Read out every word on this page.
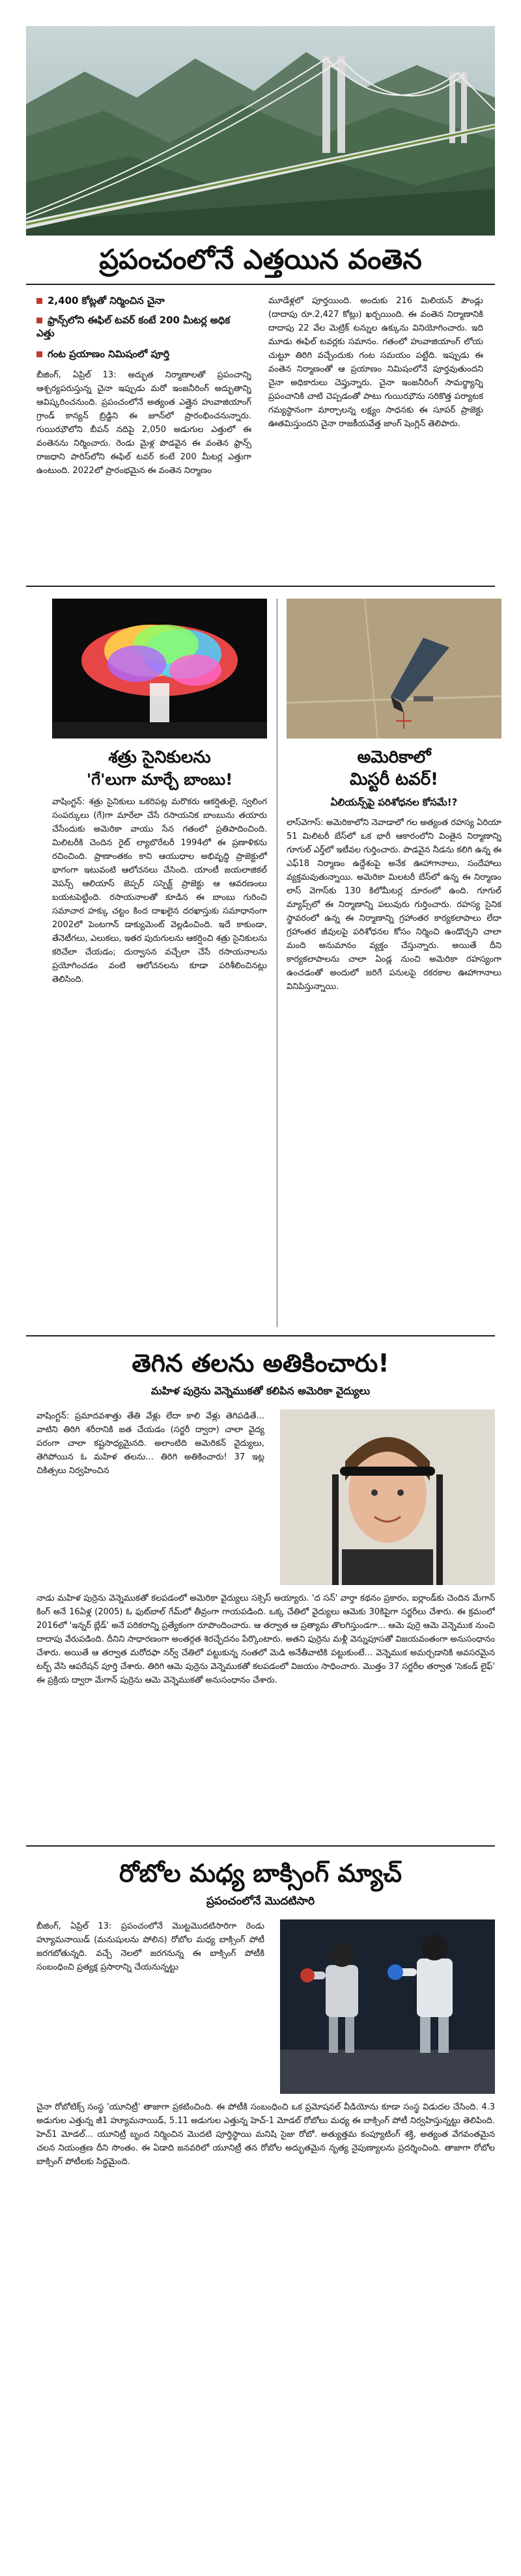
ప్రపంచంలోనే ఎత్తయిన వంతెన
2,400 కోట్లతో నిర్మించిన చైనా
ఫ్రాన్స్‌లోని ఈఫిల్ టవర్ కంటే 200 మీటర్ల అధిక ఎత్తు
గంట ప్రయాణం నిమిషంలో పూర్తి
బీజింగ్, ఏప్రిల్ 13: అద్భుత నిర్మాణాలతో ప్రపంచాన్ని ఆశ్చర్యపరుస్తున్న చైనా ఇప్పుడు మరో ఇంజనీరింగ్ అద్భుతాన్ని ఆవిష్కరించనుంది. ప్రపంచంలోనే అత్యంత ఎత్తైన హువాజియాంగ్ గ్రాండ్ కాన్యన్ బ్రిడ్జిని ఈ జూన్‌లో ప్రారంభించనున్నారు. గుయిఝౌ‌లోని బీపన్ నదిపై 2,050 అడుగుల ఎత్తులో ఈ వంతెనను నిర్మించారు. రెండు మైళ్ల పొడవైన ఈ వంతెన ఫ్రాన్స్ రాజధాని పారిస్‌లోని ఈఫిల్ టవర్ కంటే 200 మీటర్ల ఎత్తుగా ఉంటుంది. 2022లో ప్రారంభమైన ఈ వంతెన నిర్మాణం
మూడేళ్లలో పూర్తయింది. అందుకు 216 మిలియన్ పౌండ్లు (దాదాపు రూ.2,427 కోట్లు) ఖర్చయింది. ఈ వంతెన నిర్మాణానికి దాదాపు 22 వేల మెట్రిక్ టన్నుల ఉక్కును వినియోగించారు. ఇది మూడు ఈఫిల్ టవర్లకు సమానం. గతంలో హువాజియాంగ్ లోయ చుట్టూ తిరిగి వచ్చేందుకు గంట సమయం పట్టేది. ఇప్పుడు ఈ వంతెన నిర్మాణంతో ఆ ప్రయాణం నిమిషంలోనే పూర్తవుతుందని చైనా అధికారులు చెప్తున్నారు. చైనా ఇంజనీరింగ్ సామర్థ్యాన్ని ప్రపంచానికి చాటి చెప్పడంతో పాటు గుయిఝౌను సరికొత్త పర్యాటక గమ్యస్థానంగా మార్చాలన్న లక్ష్యం సాధనకు ఈ సూపర్ ప్రాజెక్టు ఊతమిస్తుందని చైనా రాజకీయవేత్త జాంగ్ షెంగ్లిన్ తెలిపారు.
శత్రు సైనికులను
'గే'లుగా మార్చే బాంబు!
వాషింగ్టన్: శత్రు సైనికులు ఒకరిపట్ల మరొకరు ఆకర్షితులై, స్వలింగ సంపర్కులు (గే)గా మారేలా చేసే రసాయనిక బాంబును తయారు చేసేందుకు అమెరికా వాయు సేన గతంలో ప్రతిపాదించింది. మిలిటరీకి చెందిన రైట్ ల్యాబొరేటరీ 1994లో ఈ ప్రణాళికను రచించింది. ప్రాణాంతకం కాని ఆయుధాల అభివృద్ధి ప్రాజెక్టులో భాగంగా ఇటువంటి ఆలోచనలు చేసింది. యాంటీ జయలాజికల్ వెపన్స్ ఆలియాస్ జెప్పర్ సస్పెక్ట్ ప్రాజెక్టు ఆ ఆవరణంలు బయటపెట్టింది. రసాయనాలతో కూడిన ఈ బాంబు గురించి సమాచార హక్కు చట్టం కింద దాఖలైన దరఖాస్తుకు సమాధానంగా 2002లో పెంటగాన్ డాక్యుమెంట్ వెల్లడించింది. ఇదే కాకుండా, తేనెటీగలు, ఎలుకలు, ఇతర పురుగులను ఆకర్షించి శత్రు సైనికులను కరిచేలా చేయడం; దుర్వాసన వచ్చేలా చేసే రసాయనాలను ప్రయోగించడం వంటి ఆలోచనలను కూడా పరిశీలించినట్లు తెలిసింది.
అమెరికాలో
మిస్టరీ టవర్!
ఏలియన్స్‌పై పరిశోధనల కోసమే!?
లాస్‌వెగాస్: అమెరికాలోని నెవాడాలో గల అత్యంత రహస్య ఏరియా 51 మిలిటరీ బేస్‌లో ఒక భారీ ఆకారంలోని వింతైన నిర్మాణాన్ని గూగుల్ ఎర్త్‌లో ఇటీవల గుర్తించారు. పొడవైన నీడను కలిగి ఉన్న ఈ ఎఫ్18 నిర్మాణం ఉద్దేశంపై అనేక ఊహాగానాలు, సందేహాలు వ్యక్తమవుతున్నాయి. అమెరికా మిలటరీ బేస్‌లో ఉన్న ఈ నిర్మాణం లాస్ వెగాస్‌కు 130 కిలోమీటర్ల దూరంలో ఉంది. గూగుల్ మ్యాప్స్‌లో ఈ నిర్మాణాన్ని పలువురు గుర్తించారు. రహస్య సైనిక స్థావరంలో ఉన్న ఈ నిర్మాణాన్ని గ్రహాంతర కార్యకలాపాలు లేదా గ్రహాంతర జీవులపై పరిశోధనల కోసం నిర్మించి ఉండొచ్చని చాలా మంది అనుమానం వ్యక్తం చేస్తున్నారు. అయితే దీని కార్యకలాపాలను చాలా ఏండ్ల నుంచి అమెరికా రహస్యంగా ఉంచడంతో అందులో జరిగే పనులపై రకరకాల ఊహాగానాలు వినిపిస్తున్నాయి.
తెగిన తలను అతికించారు!
మహిళ పుర్రెను వెన్నెముకతో కలిపిన అమెరికా వైద్యులు
వాషింగ్టన్: ప్రమాదవశాత్తు తేతి వేళ్లు లేదా కాలి వేళ్లు తెగిపడితే... వాటిని తిరిగి శరీరానికి జత చేయడం (సర్జరీ ద్వారా) చాలా వైద్య పరంగా చాలా కష్టసాధ్యమైనది. అలాంటిది అమెరికన్ వైద్యులు, తెగిపోయిన ఓ మహిళ తలను... తిరిగి అతికించారు! 37 ఇట్ల చికిత్సలు నిర్వహించిన
నాడు మహిళ పుర్రెను వెన్నెముకతో కలపడంలో అమెరికా వైద్యులు సక్సెస్ అయ్యారు. 'ద సన్' వార్తా కథనం ప్రకారం, ఐర్లాండ్‌కు చెందిన మేగాన్ కింగ్ అనే 16ఏళ్ల (2005) ఓ ఫుట్‌బాల్ గేమ్‌లో తీవ్రంగా గాయపడింది. ఒక్క చేతిలో వైద్యులు ఆమెకు 30కిపైగా సర్జరీలు చేశారు. ఈ క్రమంలో 2016లో 'ఇన్నర్‌ బ్లేడ్' అనే పరికరాన్ని ప్రత్యేకంగా రూపొందించారు. ఆ తర్వాత ఆ ప్రత్యామ తొలగిస్తుండగా... ఆమె పుర్రె ఆమె వెన్నెముక నుంచి దాదాపు వేరుపడింది. దీనిని సాధారణంగా అంతర్గత శిరచ్ఛేదనం పేర్కొంటారు. అతని ఫుర్రెను మళ్లీ వెన్నుపూసతో విజయవంతంగా అనుసంధానం చేశారు. అయితే ఆ తర్వాత మరోదఫా నర్వ్‌ చేతిలో పట్టుకున్న నంతలో మెడి అనేతీవాటికి పట్టుకుంటే... వెన్నెముక అమర్చడానికి అవసరమైన టర్బ్ వేసి ఆపరేషన్ పూర్తి చేశారు. తిరిగి ఆమె పుర్రెను వెన్నెముకతో కలపడంలో విజయం సాధించారు. మొత్తం 37 సర్జరీల తర్వాత 'సెకండ్ లైఫ్' ఈ ప్రక్రియ ద్వారా మేగాన్ పుర్రెను ఆమె వెన్నెముకతో అనుసంధానం చేశారు.
రోబోల మధ్య బాక్సింగ్ మ్యాచ్
ప్రపంచంలోనే మొదటిసారి
బీజింగ్, ఏప్రిల్ 13: ప్రపంచంలోనే మొట్టమొదటిసారిగా రెండు హ్యూమనాయిడ్ (మనుషులను పోలిన) రోబోల మధ్య బాక్సింగ్ పోటీ జరగబోతున్నది. వచ్చే నెలలో జరగనున్న ఈ బాక్సింగ్ పోటీకి సంబంధించి ప్రత్యక్ష ప్రసారాన్ని చేయనున్నట్టు
చైనా రోబోటిక్స్ సంస్థ 'యూనిట్రీ' తాజాగా ప్రకటించింది. ఈ పోటీకి సంబంధించి ఒక ప్రమోషనల్ వీడియోను కూడా సంస్థ విడుదల చేసింది. 4.3 అడుగుల ఎత్తున్న జీ1 హ్యూమనాయిడ్, 5.11 అడుగుల ఎత్తున్న హెచ్-1 మోడల్ రోబోలు మధ్య ఈ బాక్సింగ్ పోటీ నిర్వహిస్తున్నట్టు తెలిపింది. హెచ్1 మోడల్... యూనిట్రీ బృంద నిర్మించిన మొదటి పూర్తిస్థాయి మనిషి సైజు రోబో. అత్యుత్తమ కంప్యూటింగ్ శక్తి, అత్యంత వేగవంతమైన చలన నియంత్రణ దీని సొంతం. ఈ ఏడాది జనవరిలో యూనిట్రీ తన రోబోల అద్భుతమైన నృత్య నైపుణ్యాలను ప్రదర్శించింది. తాజాగా రోబోల బాక్సింగ్ పోటీలకు సిద్ధమైంది.
